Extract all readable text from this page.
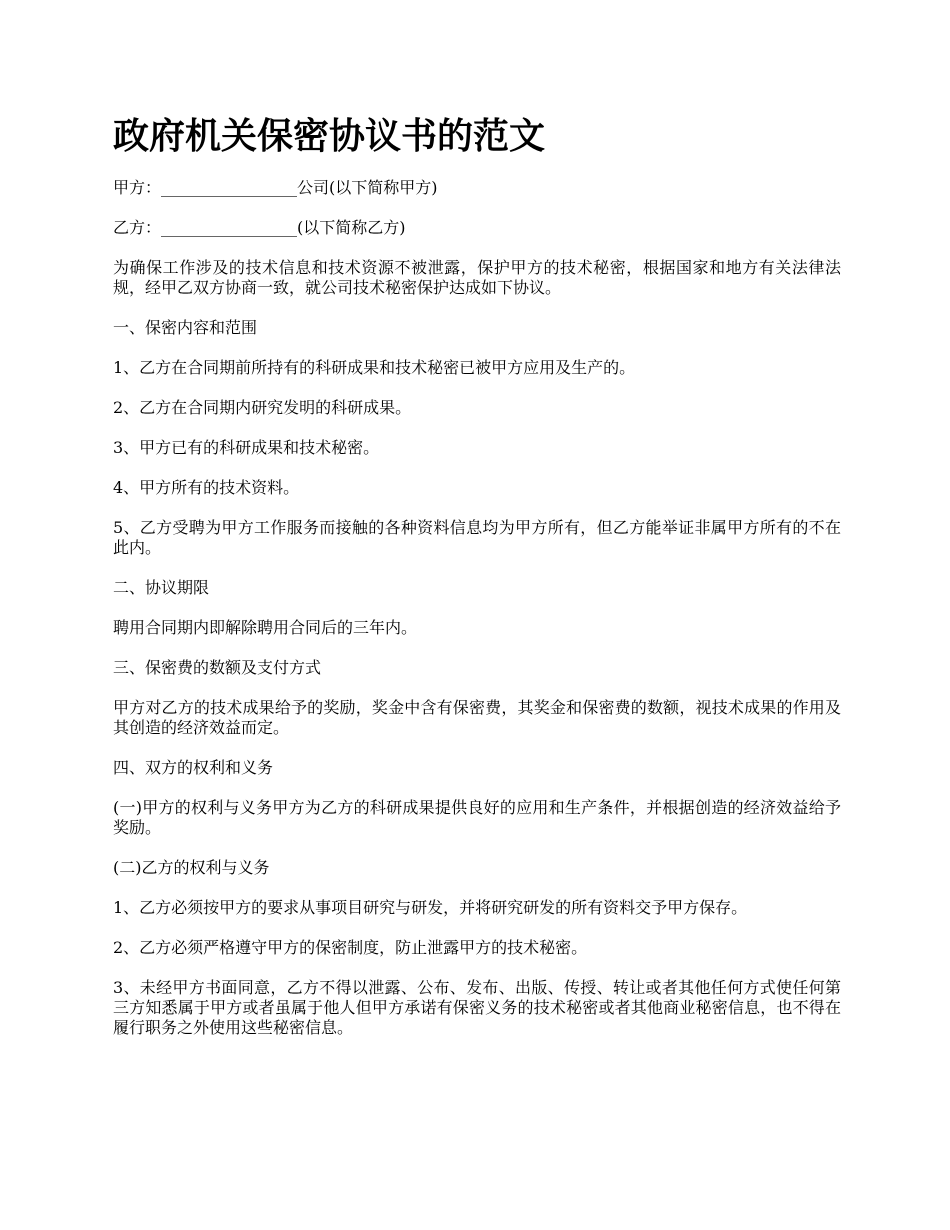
政府机关保密协议书的范文

甲方：_________________公司(以下简称甲方)

乙方：_________________(以下简称乙方)

为确保工作涉及的技术信息和技术资源不被泄露，保护甲方的技术秘密，根据国家和地方有关法律法规，经甲乙双方协商一致，就公司技术秘密保护达成如下协议。

一、保密内容和范围

1、乙方在合同期前所持有的科研成果和技术秘密已被甲方应用及生产的。

2、乙方在合同期内研究发明的科研成果。

3、甲方已有的科研成果和技术秘密。

4、甲方所有的技术资料。

5、乙方受聘为甲方工作服务而接触的各种资料信息均为甲方所有，但乙方能举证非属甲方所有的不在此内。

二、协议期限

聘用合同期内即解除聘用合同后的三年内。

三、保密费的数额及支付方式

甲方对乙方的技术成果给予的奖励，奖金中含有保密费，其奖金和保密费的数额，视技术成果的作用及其创造的经济效益而定。

四、双方的权利和义务

(一)甲方的权利与义务甲方为乙方的科研成果提供良好的应用和生产条件，并根据创造的经济效益给予奖励。

(二)乙方的权利与义务

1、乙方必须按甲方的要求从事项目研究与研发，并将研究研发的所有资料交予甲方保存。

2、乙方必须严格遵守甲方的保密制度，防止泄露甲方的技术秘密。

3、未经甲方书面同意，乙方不得以泄露、公布、发布、出版、传授、转让或者其他任何方式使任何第三方知悉属于甲方或者虽属于他人但甲方承诺有保密义务的技术秘密或者其他商业秘密信息，也不得在履行职务之外使用这些秘密信息。
